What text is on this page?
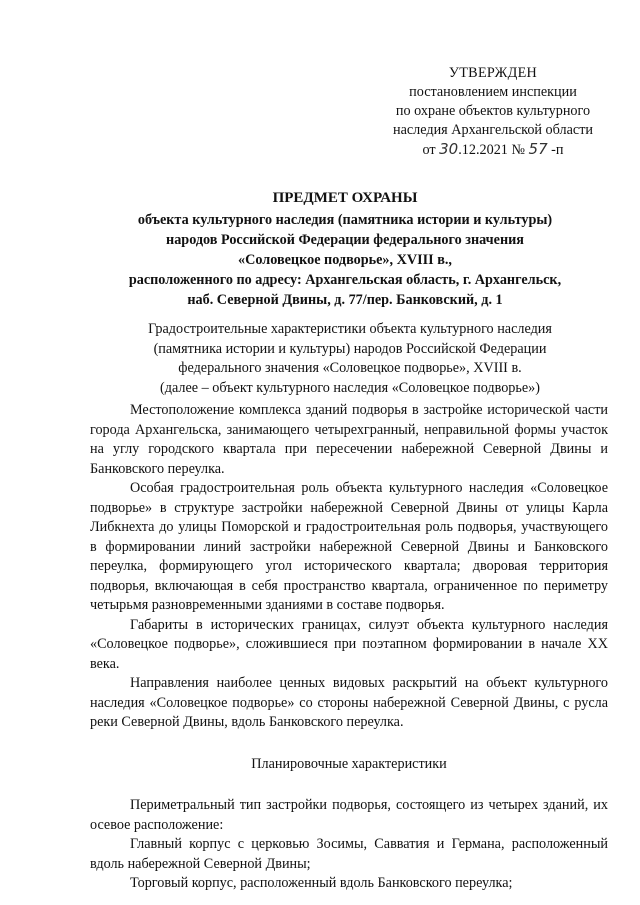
УТВЕРЖДЕН
постановлением инспекции
по охране объектов культурного
наследия Архангельской области
от 30.12.2021 № 57 -п
ПРЕДМЕТ ОХРАНЫ
объекта культурного наследия (памятника истории и культуры)
народов Российской Федерации федерального значения
«Соловецкое подворье», XVIII в.,
расположенного по адресу: Архангельская область, г. Архангельск,
наб. Северной Двины, д. 77/пер. Банковский, д. 1
Градостроительные характеристики объекта культурного наследия
(памятника истории и культуры) народов Российской Федерации
федерального значения «Соловецкое подворье», XVIII в.
(далее – объект культурного наследия «Соловецкое подворье»)

Местоположение комплекса зданий подворья в застройке исторической части города Архангельска, занимающего четырехгранный, неправильной формы участок на углу городского квартала при пересечении набережной Северной Двины и Банковского переулка.

Особая градостроительная роль объекта культурного наследия «Соловецкое подворье» в структуре застройки набережной Северной Двины от улицы Карла Либкнехта до улицы Поморской и градостроительная роль подворья, участвующего в формировании линий застройки набережной Северной Двины и Банковского переулка, формирующего угол исторического квартала; дворовая территория подворья, включающая в себя пространство квартала, ограниченное по периметру четырьмя разновременными зданиями в составе подворья.

Габариты в исторических границах, силуэт объекта культурного наследия «Соловецкое подворье», сложившиеся при поэтапном формировании в начале XX века.

Направления наиболее ценных видовых раскрытий на объект культурного наследия «Соловецкое подворье» со стороны набережной Северной Двины, с русла реки Северной Двины, вдоль Банковского переулка.

Планировочные характеристики

Периметральный тип застройки подворья, состоящего из четырех зданий, их осевое расположение:

Главный корпус с церковью Зосимы, Савватия и Германа, расположенный вдоль набережной Северной Двины;

Торговый корпус, расположенный вдоль Банковского переулка;
